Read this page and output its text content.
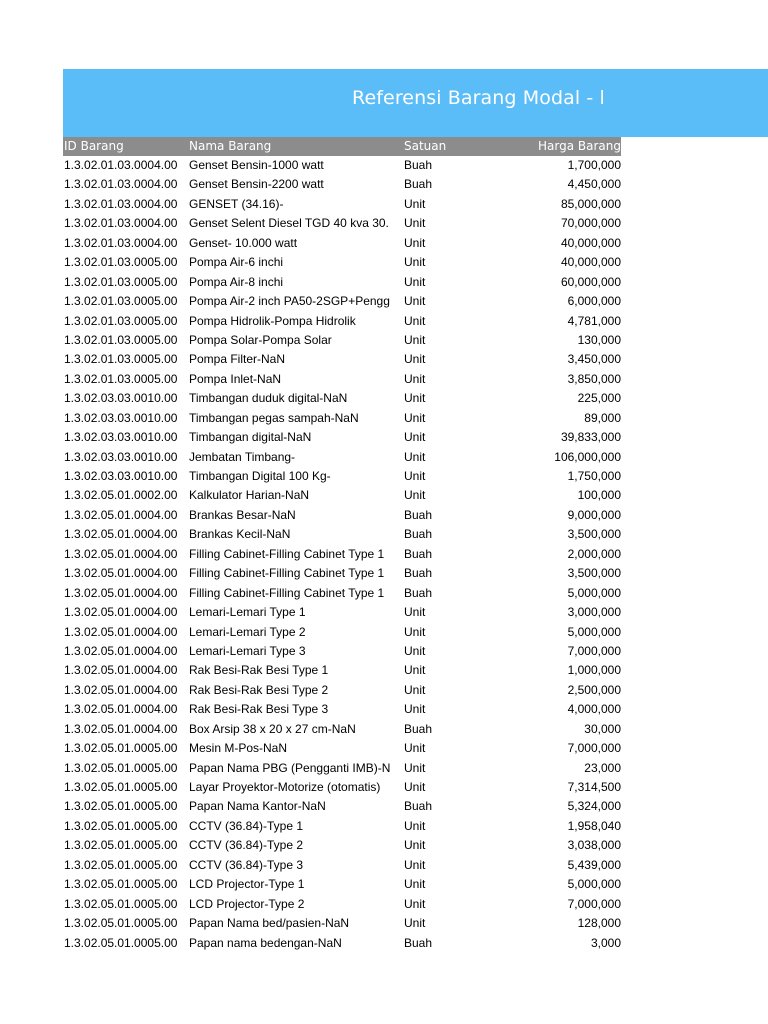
Referensi Barang Modal - l
ID Barang	Nama Barang	Satuan	Harga Barang
1.3.02.01.03.0004.00 Genset Bensin-1000 watt	Buah	1,700,000
1.3.02.01.03.0004.00 Genset Bensin-2200 watt	Buah	4,450,000
1.3.02.01.03.0004.00 GENSET (34.16)-	Unit	85,000,000
1.3.02.01.03.0004.00 Genset Selent Diesel TGD 40 kva 30.	Unit	70,000,000
1.3.02.01.03.0004.00 Genset- 10.000 watt	Unit	40,000,000
1.3.02.01.03.0005.00 Pompa Air-6 inchi	Unit	40,000,000
1.3.02.01.03.0005.00 Pompa Air-8 inchi	Unit	60,000,000
1.3.02.01.03.0005.00 Pompa Air-2 inch PA50-2SGP+Pengg	Unit	6,000,000
1.3.02.01.03.0005.00 Pompa Hidrolik-Pompa Hidrolik	Unit	4,781,000
1.3.02.01.03.0005.00 Pompa Solar-Pompa Solar	Unit	130,000
1.3.02.01.03.0005.00 Pompa Filter-NaN	Unit	3,450,000
1.3.02.01.03.0005.00 Pompa Inlet-NaN	Unit	3,850,000
1.3.02.03.03.0010.00 Timbangan duduk digital-NaN	Unit	225,000
1.3.02.03.03.0010.00 Timbangan pegas sampah-NaN	Unit	89,000
1.3.02.03.03.0010.00 Timbangan digital-NaN	Unit	39,833,000
1.3.02.03.03.0010.00 Jembatan Timbang-	Unit	106,000,000
1.3.02.03.03.0010.00 Timbangan Digital 100 Kg-	Unit	1,750,000
1.3.02.05.01.0002.00 Kalkulator Harian-NaN	Unit	100,000
1.3.02.05.01.0004.00 Brankas Besar-NaN	Buah	9,000,000
1.3.02.05.01.0004.00 Brankas Kecil-NaN	Buah	3,500,000
1.3.02.05.01.0004.00 Filling Cabinet-Filling Cabinet Type 1	Buah	2,000,000
1.3.02.05.01.0004.00 Filling Cabinet-Filling Cabinet Type 1	Buah	3,500,000
1.3.02.05.01.0004.00 Filling Cabinet-Filling Cabinet Type 1	Buah	5,000,000
1.3.02.05.01.0004.00 Lemari-Lemari Type 1	Unit	3,000,000
1.3.02.05.01.0004.00 Lemari-Lemari Type 2	Unit	5,000,000
1.3.02.05.01.0004.00 Lemari-Lemari Type 3	Unit	7,000,000
1.3.02.05.01.0004.00 Rak Besi-Rak Besi Type 1	Unit	1,000,000
1.3.02.05.01.0004.00 Rak Besi-Rak Besi Type 2	Unit	2,500,000
1.3.02.05.01.0004.00 Rak Besi-Rak Besi Type 3	Unit	4,000,000
1.3.02.05.01.0004.00 Box Arsip 38 x 20 x 27 cm-NaN	Buah	30,000
1.3.02.05.01.0005.00 Mesin M-Pos-NaN	Unit	7,000,000
1.3.02.05.01.0005.00 Papan Nama PBG (Pengganti IMB)-N	Unit	23,000
1.3.02.05.01.0005.00 Layar Proyektor-Motorize (otomatis)	Unit	7,314,500
1.3.02.05.01.0005.00 Papan Nama Kantor-NaN	Buah	5,324,000
1.3.02.05.01.0005.00 CCTV (36.84)-Type 1	Unit	1,958,040
1.3.02.05.01.0005.00 CCTV (36.84)-Type 2	Unit	3,038,000
1.3.02.05.01.0005.00 CCTV (36.84)-Type 3	Unit	5,439,000
1.3.02.05.01.0005.00 LCD Projector-Type 1	Unit	5,000,000
1.3.02.05.01.0005.00 LCD Projector-Type 2	Unit	7,000,000
1.3.02.05.01.0005.00 Papan Nama bed/pasien-NaN	Unit	128,000
1.3.02.05.01.0005.00 Papan nama bedengan-NaN	Buah	3,000
